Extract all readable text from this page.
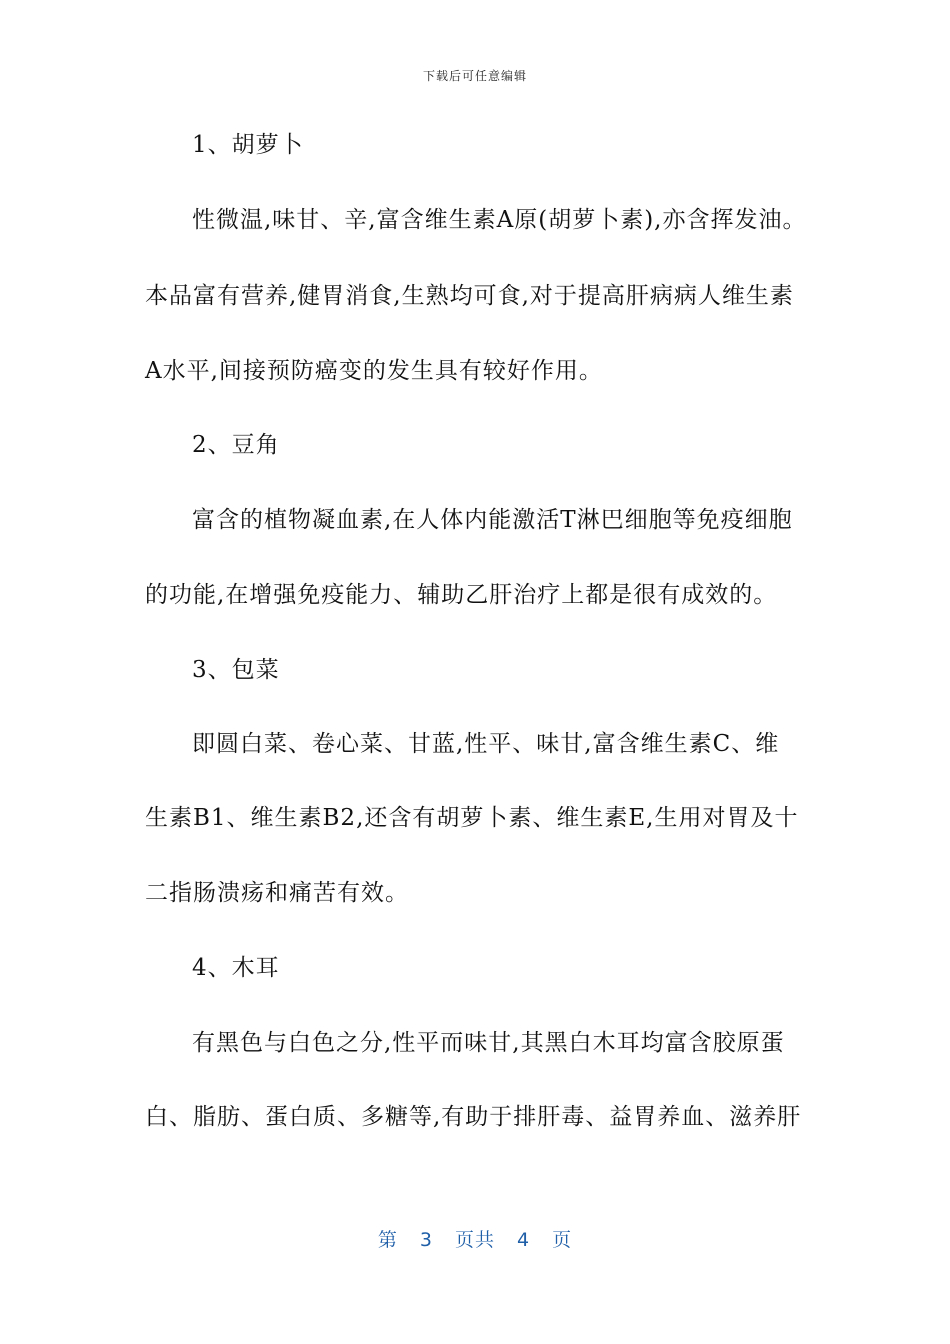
下载后可任意编辑
1、胡萝卜
性微温,味甘、辛,富含维生素A原(胡萝卜素),亦含挥发油。
本品富有营养,健胃消食,生熟均可食,对于提高肝病病人维生素
A水平,间接预防癌变的发生具有较好作用。
2、豆角
富含的植物凝血素,在人体内能激活T淋巴细胞等免疫细胞
的功能,在增强免疫能力、辅助乙肝治疗上都是很有成效的。
3、包菜
即圆白菜、卷心菜、甘蓝,性平、味甘,富含维生素C、维
生素B1、维生素B2,还含有胡萝卜素、维生素E,生用对胃及十
二指肠溃疡和痛苦有效。
4、木耳
有黑色与白色之分,性平而味甘,其黑白木耳均富含胶原蛋
白、脂肪、蛋白质、多糖等,有助于排肝毒、益胃养血、滋养肝
第 3 页共 4 页
